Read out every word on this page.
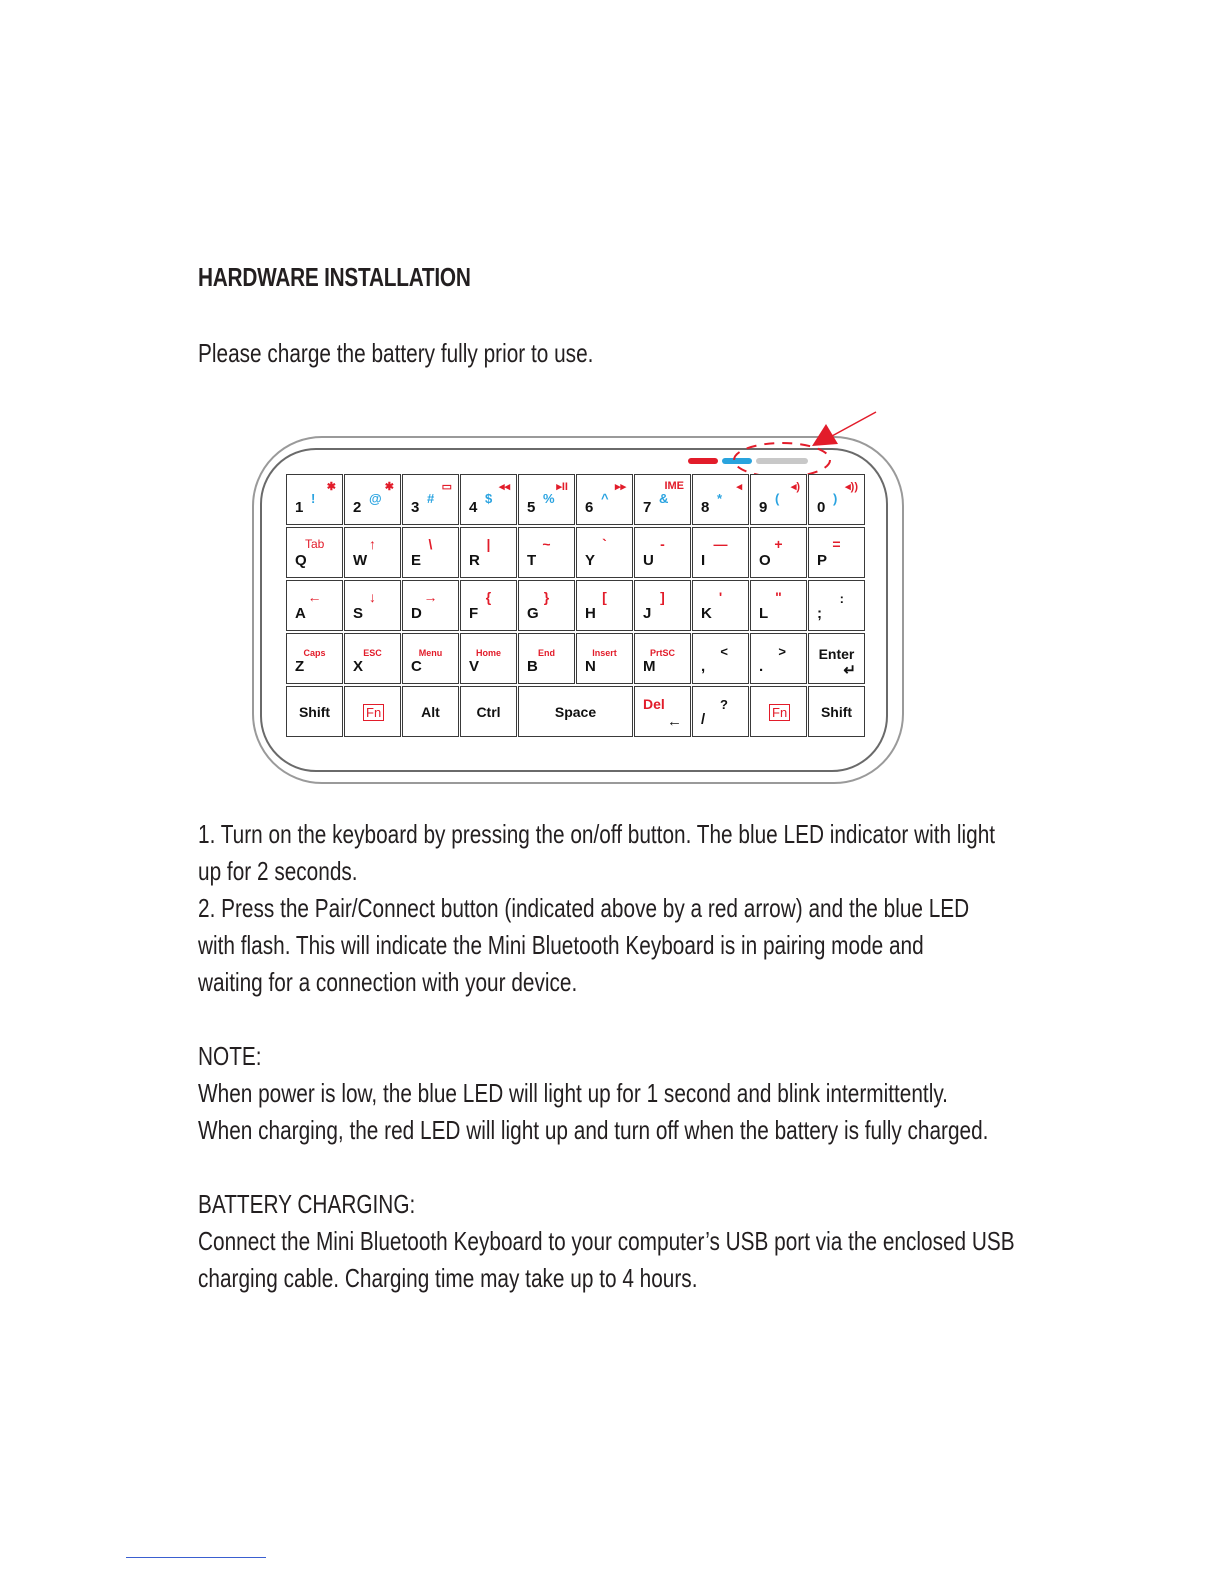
HARDWARE INSTALLATION
Please charge the battery fully prior to use.
1
!
✱
2
@
✱
3
#
▭
4
$
◂◂
5
%
▸II
6
^
▸▸
7
&
IME
8
*
◂
9
(
◂)
0
)
◂))
Q
Tab
W
↑
E
\
R
|
T
~
Y
`
U
-
I
—
O
+
P
=
A
←
S
↓
D
→
F
{
G
}
H
[
J
]
K
'
L
"
;
:
Z
Caps
X
ESC
C
Menu
V
Home
B
End
N
Insert
M
PrtSC
,
<
.
>	Enter
↵
Shift	Fn	Alt	Ctrl	Space	Del
← /
?
Fn	Shift
1. Turn on the keyboard by pressing the on/off button. The blue LED indicator with light
up for 2 seconds.
2. Press the Pair/Connect button (indicated above by a red arrow) and the blue LED
with flash. This will indicate the Mini Bluetooth Keyboard is in pairing mode and
waiting for a connection with your device.
NOTE:
When power is low, the blue LED will light up for 1 second and blink intermittently.
When charging, the red LED will light up and turn off when the battery is fully charged.
BATTERY CHARGING:
Connect the Mini Bluetooth Keyboard to your computer’s USB port via the enclosed USB
charging cable. Charging time may take up to 4 hours.
